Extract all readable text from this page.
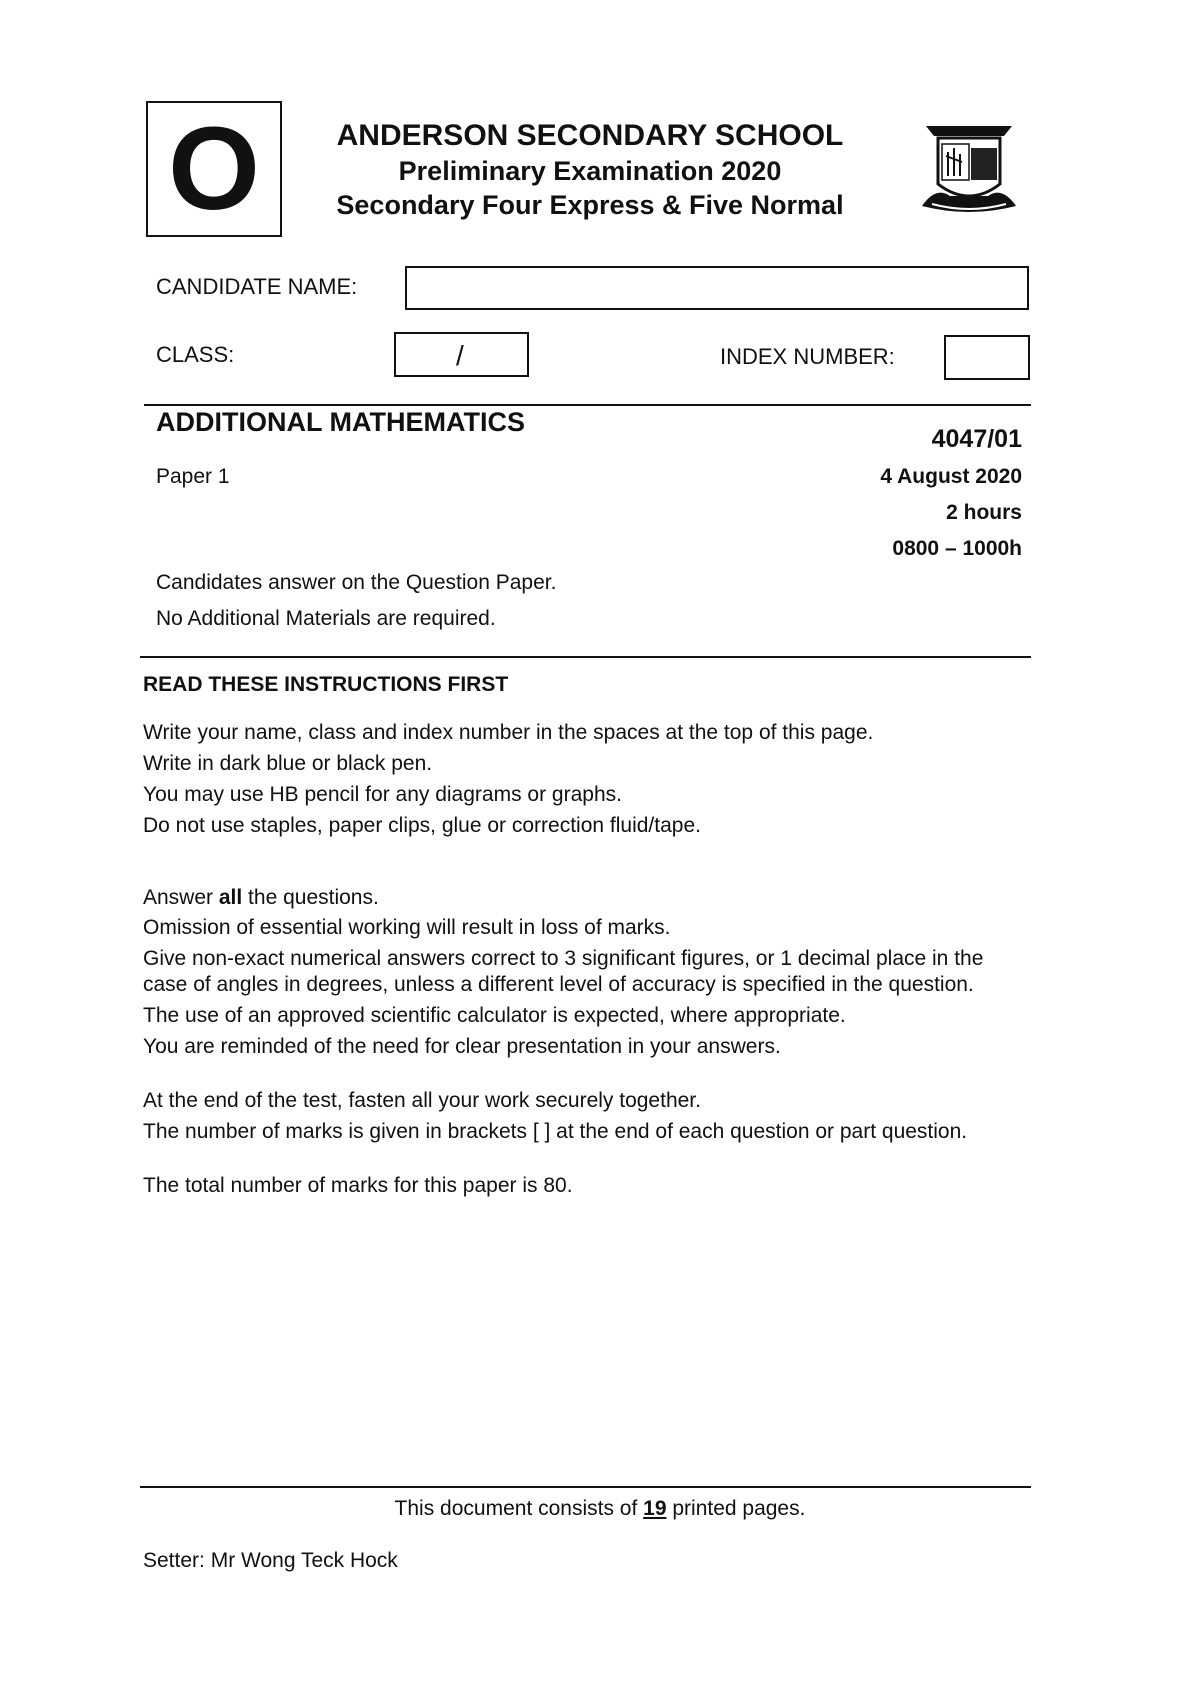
O	ANDERSON SECONDARY SCHOOL
Preliminary Examination 2020
Secondary Four Express & Five Normal
CANDIDATE NAME:
CLASS:	/	INDEX NUMBER:
ADDITIONAL MATHEMATICS
4047/01
Paper 1	4 August 2020
2 hours
0800 – 1000h
Candidates answer on the Question Paper.
No Additional Materials are required.
READ THESE INSTRUCTIONS FIRST
Write your name, class and index number in the spaces at the top of this page.
Write in dark blue or black pen.
You may use HB pencil for any diagrams or graphs.
Do not use staples, paper clips, glue or correction fluid/tape.
Answer all the questions.
Omission of essential working will result in loss of marks.
Give non-exact numerical answers correct to 3 significant figures, or 1 decimal place in the case of angles in degrees, unless a different level of accuracy is specified in the question.
The use of an approved scientific calculator is expected, where appropriate.
You are reminded of the need for clear presentation in your answers.
At the end of the test, fasten all your work securely together.
The number of marks is given in brackets [ ] at the end of each question or part question.
The total number of marks for this paper is 80.
This document consists of 19 printed pages.
Setter: Mr Wong Teck Hock
